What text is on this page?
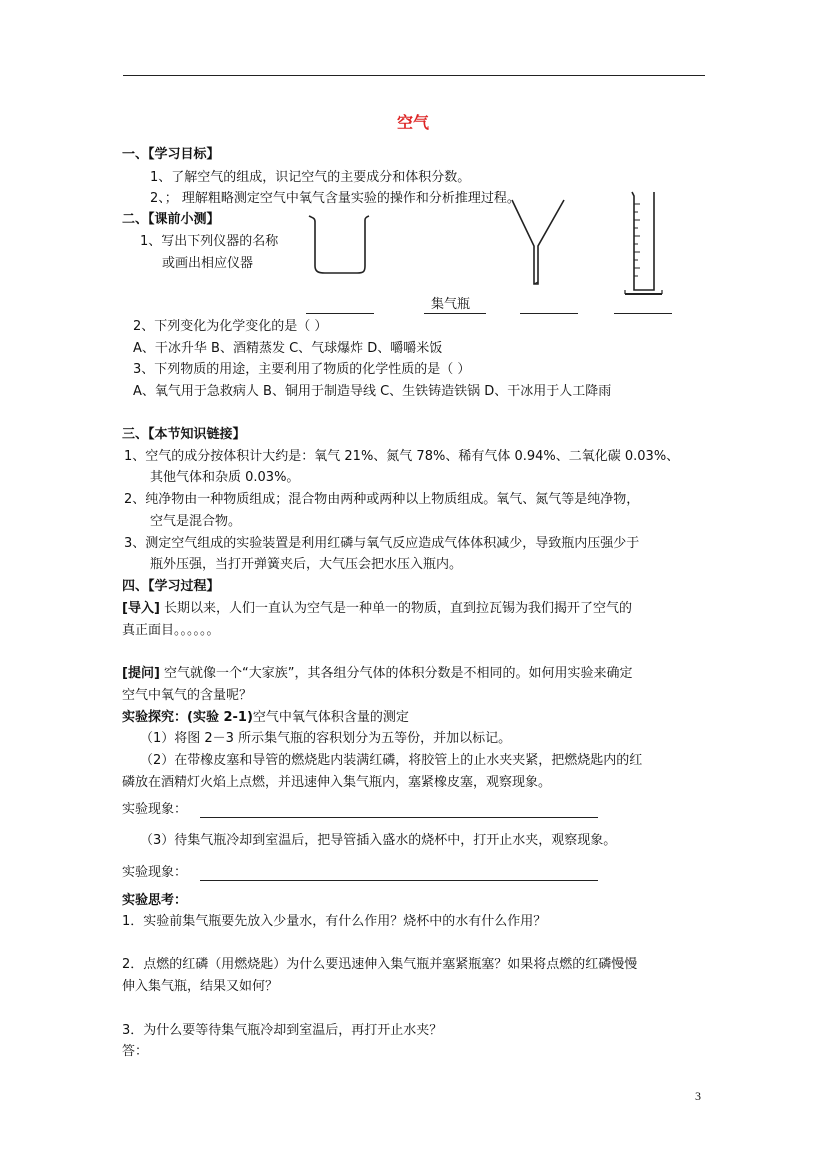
空气
一、【学习目标】
1、了解空气的组成，识记空气的主要成分和体积分数。
2、； 理解粗略测定空气中氧气含量实验的操作和分析推理过程。
二、【课前小测】
1、写出下列仪器的名称
或画出相应仪器
集气瓶
2、下列变化为化学变化的是（ ）
A、干冰升华 B、酒精蒸发 C、气球爆炸 D、嚼嚼米饭
3、下列物质的用途，主要利用了物质的化学性质的是（ ）
A、氧气用于急救病人 B、铜用于制造导线 C、生铁铸造铁锅 D、干冰用于人工降雨
三、【本节知识链接】
1、空气的成分按体积计大约是：氧气 21%、氮气 78%、稀有气体 0.94%、二氧化碳 0.03%、
其他气体和杂质 0.03%。
2、纯净物由一种物质组成；混合物由两种或两种以上物质组成。氧气、氮气等是纯净物，
空气是混合物。
3、测定空气组成的实验装置是利用红磷与氧气反应造成气体体积减少，导致瓶内压强少于
瓶外压强，当打开弹簧夹后，大气压会把水压入瓶内。
四、【学习过程】
[导入] 长期以来，人们一直认为空气是一种单一的物质，直到拉瓦锡为我们揭开了空气的
真正面目。。。。。。
[提问] 空气就像一个“大家族”，其各组分气体的体积分数是不相同的。如何用实验来确定
空气中氧气的含量呢？
实验探究：(实验 2-1)空气中氧气体积含量的测定
（1）将图 2－3 所示集气瓶的容积划分为五等份，并加以标记。
（2）在带橡皮塞和导管的燃烧匙内装满红磷，将胶管上的止水夹夹紧，把燃烧匙内的红
磷放在酒精灯火焰上点燃，并迅速伸入集气瓶内，塞紧橡皮塞，观察现象。
实验现象：
（3）待集气瓶冷却到室温后，把导管插入盛水的烧杯中，打开止水夹，观察现象。
实验现象：
实验思考：
1．实验前集气瓶要先放入少量水，有什么作用？烧杯中的水有什么作用？
2．点燃的红磷（用燃烧匙）为什么要迅速伸入集气瓶并塞紧瓶塞？如果将点燃的红磷慢慢
伸入集气瓶，结果又如何？
3．为什么要等待集气瓶冷却到室温后，再打开止水夹？
答：
3
